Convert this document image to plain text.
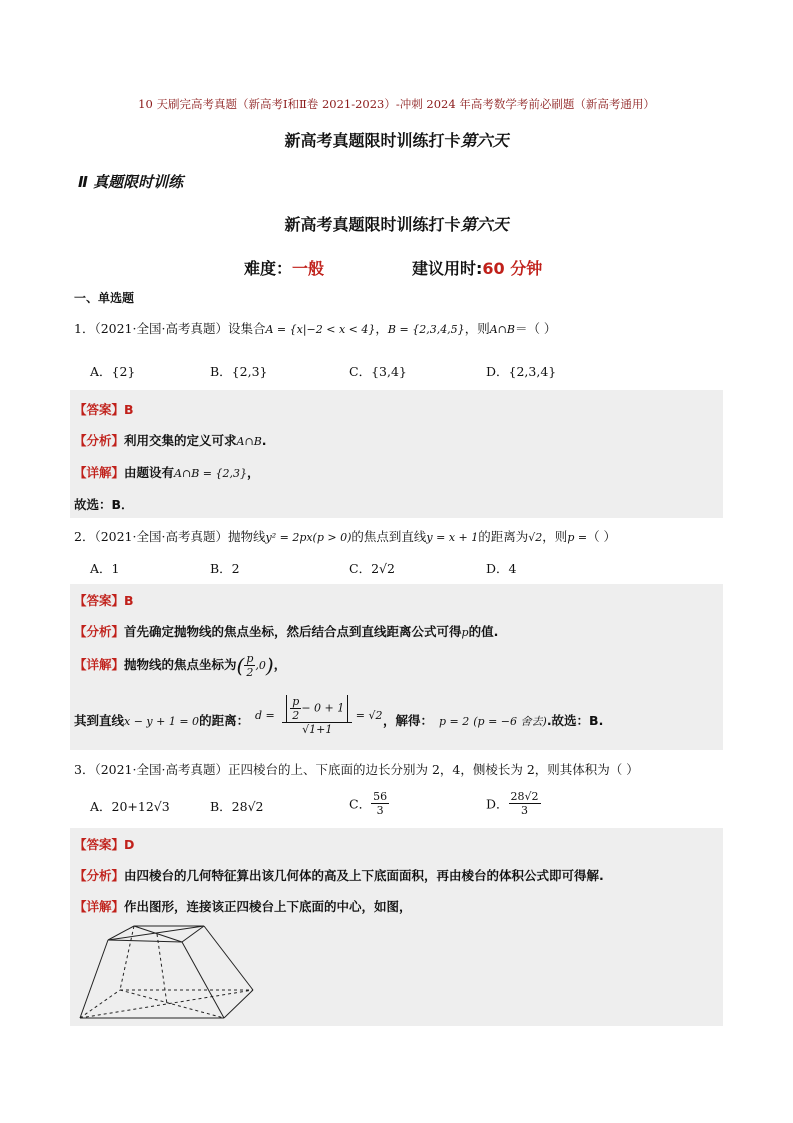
10 天刷完高考真题（新高考Ⅰ和Ⅱ卷 2021-2023）-冲刺 2024 年高考数学考前必刷题（新高考通用）
新高考真题限时训练打卡第六天
Ⅱ 真题限时训练
新高考真题限时训练打卡第六天
难度：一般	建议用时:60 分钟
一、单选题
1．（2021·全国·高考真题）设集合A = {x|−2 < x < 4}，B = {2,3,4,5}，则A∩B＝（ ）
A．{2}	B．{2,3}	C．{3,4}	D．{2,3,4}
【答案】B
【分析】利用交集的定义可求A∩B.
【详解】由题设有A∩B = {2,3}，
故选：B．
2．（2021·全国·高考真题）抛物线y² = 2px(p > 0)的焦点到直线y = x + 1的距离为√2，则p =（ ）
A．1	B．2	C．2√2	D．4
【答案】B
【分析】首先确定抛物线的焦点坐标，然后结合点到直线距离公式可得p的值.
【详解】抛物线的焦点坐标为( $\frac{p}{2} ,0$)，
其到直线x − y + 1 = 0的距离： $d = \frac{\frac{p}{2} - 0 + 1}{√1+1} = √2$ ，解得： p = 2 (p = −6 舍去).故选：B.
3．（2021·全国·高考真题）正四棱台的上、下底面的边长分别为 2，4，侧棱长为 2，则其体积为（ ）
A．20+12√3	B．28√2	C． $\frac{56}{3}$	D． $\frac{28√2}{3}$
【答案】D
【分析】由四棱台的几何特征算出该几何体的高及上下底面面积，再由棱台的体积公式即可得解.
【详解】作出图形，连接该正四棱台上下底面的中心，如图，
